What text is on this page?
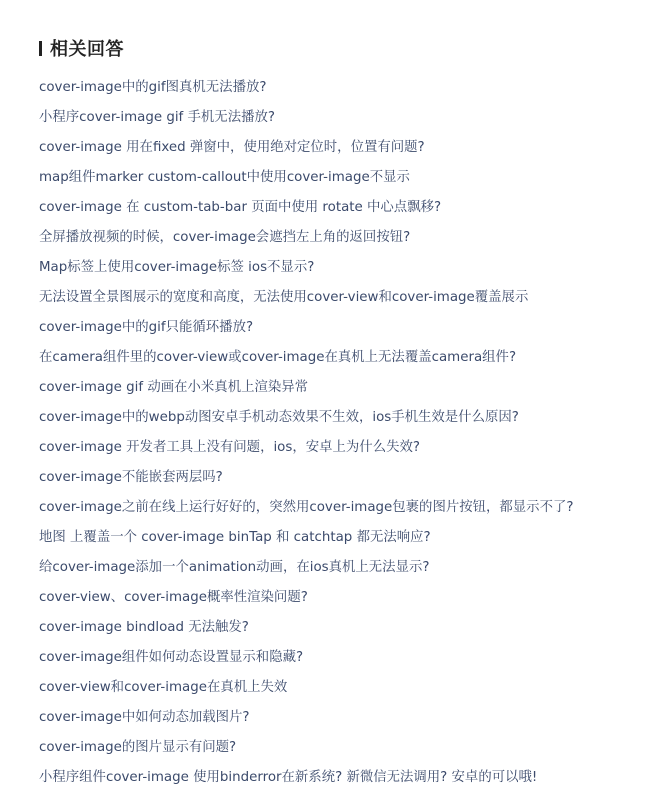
相关回答
cover-image中的gif图真机无法播放?
小程序cover-image gif 手机无法播放?
cover-image 用在fixed 弹窗中，使用绝对定位时，位置有问题?
map组件marker custom-callout中使用cover-image不显示
cover-image 在 custom-tab-bar 页面中使用 rotate 中心点飘移?
全屏播放视频的时候，cover-image会遮挡左上角的返回按钮?
Map标签上使用cover-image标签 ios不显示?
无法设置全景图展示的宽度和高度，无法使用cover-view和cover-image覆盖展示
cover-image中的gif只能循环播放?
在camera组件里的cover-view或cover-image在真机上无法覆盖camera组件?
cover-image gif 动画在小米真机上渲染异常
cover-image中的webp动图安卓手机动态效果不生效，ios手机生效是什么原因?
cover-image 开发者工具上没有问题，ios，安卓上为什么失效?
cover-image不能嵌套两层吗?
cover-image之前在线上运行好好的，突然用cover-image包裹的图片按钮，都显示不了?
地图 上覆盖一个 cover-image binTap 和 catchtap 都无法响应?
给cover-image添加一个animation动画，在ios真机上无法显示?
cover-view、cover-image概率性渲染问题?
cover-image bindload 无法触发?
cover-image组件如何动态设置显示和隐藏?
cover-view和cover-image在真机上失效
cover-image中如何动态加载图片?
cover-image的图片显示有问题?
小程序组件cover-image 使用binderror在新系统? 新微信无法调用? 安卓的可以哦!
